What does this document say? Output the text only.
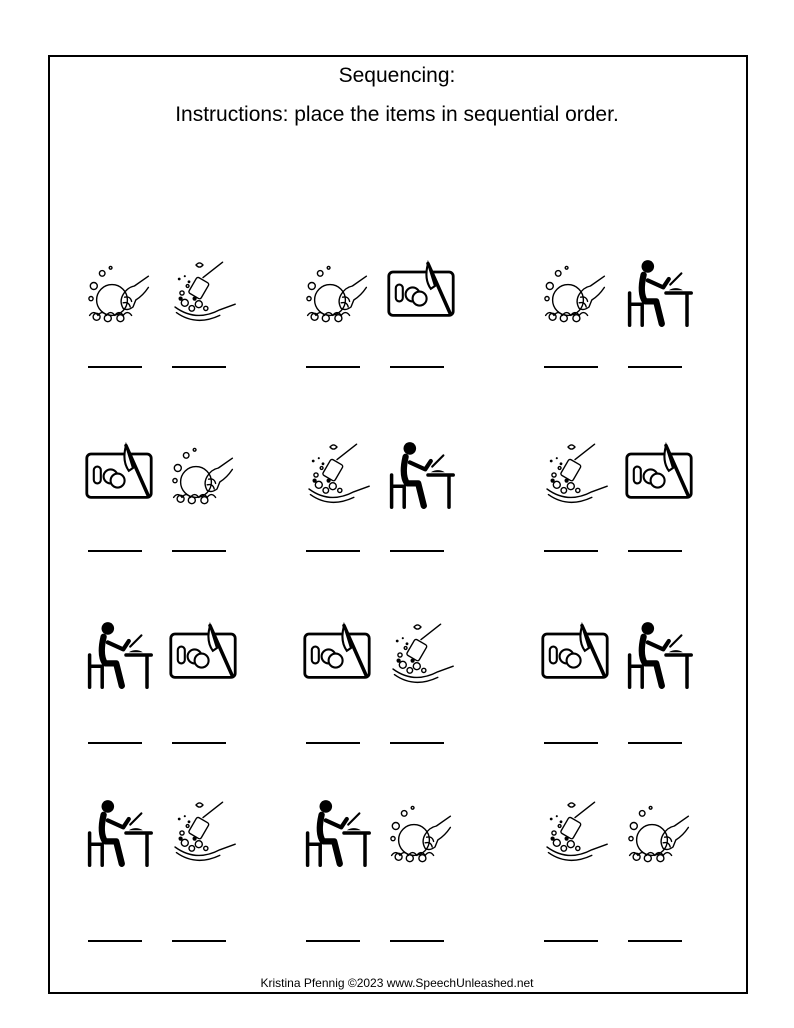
Sequencing:

Instructions: place the items in sequential order.

Kristina Pfennig ©2023 www.SpeechUnleashed.net
